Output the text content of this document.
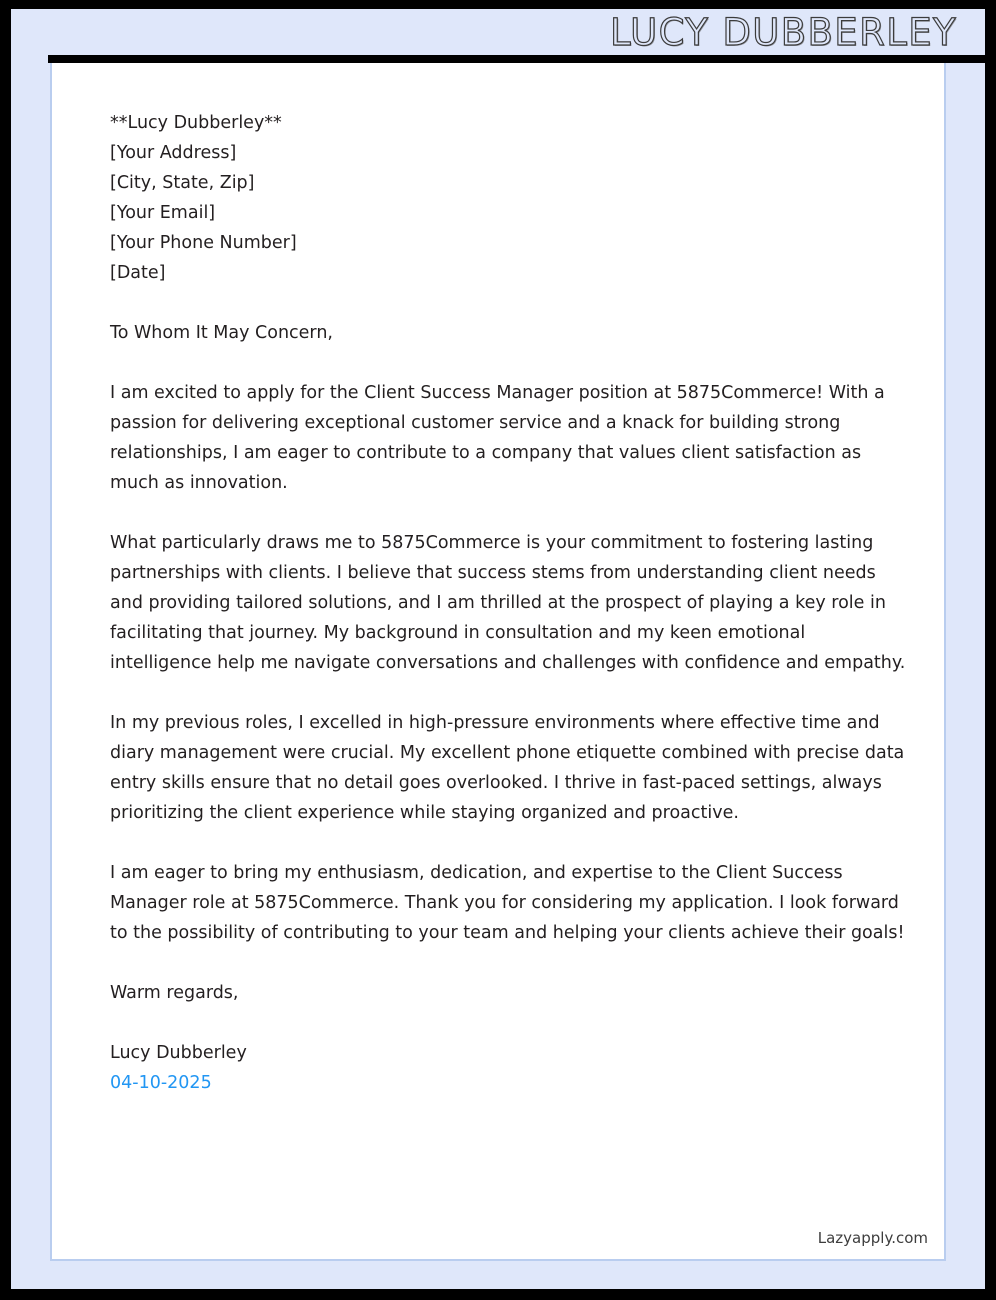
LUCY DUBBERLEY
**Lucy Dubberley**
[Your Address]
[City, State, Zip]
[Your Email]
[Your Phone Number]
[Date]

To Whom It May Concern,

I am excited to apply for the Client Success Manager position at 5875Commerce! With a passion for delivering exceptional customer service and a knack for building strong relationships, I am eager to contribute to a company that values client satisfaction as much as innovation.

What particularly draws me to 5875Commerce is your commitment to fostering lasting partnerships with clients. I believe that success stems from understanding client needs and providing tailored solutions, and I am thrilled at the prospect of playing a key role in facilitating that journey. My background in consultation and my keen emotional intelligence help me navigate conversations and challenges with confidence and empathy.

In my previous roles, I excelled in high-pressure environments where effective time and diary management were crucial. My excellent phone etiquette combined with precise data entry skills ensure that no detail goes overlooked. I thrive in fast-paced settings, always prioritizing the client experience while staying organized and proactive.

I am eager to bring my enthusiasm, dedication, and expertise to the Client Success Manager role at 5875Commerce. Thank you for considering my application. I look forward to the possibility of contributing to your team and helping your clients achieve their goals!

Warm regards,

Lucy Dubberley

04-10-2025

Lazyapply.com
